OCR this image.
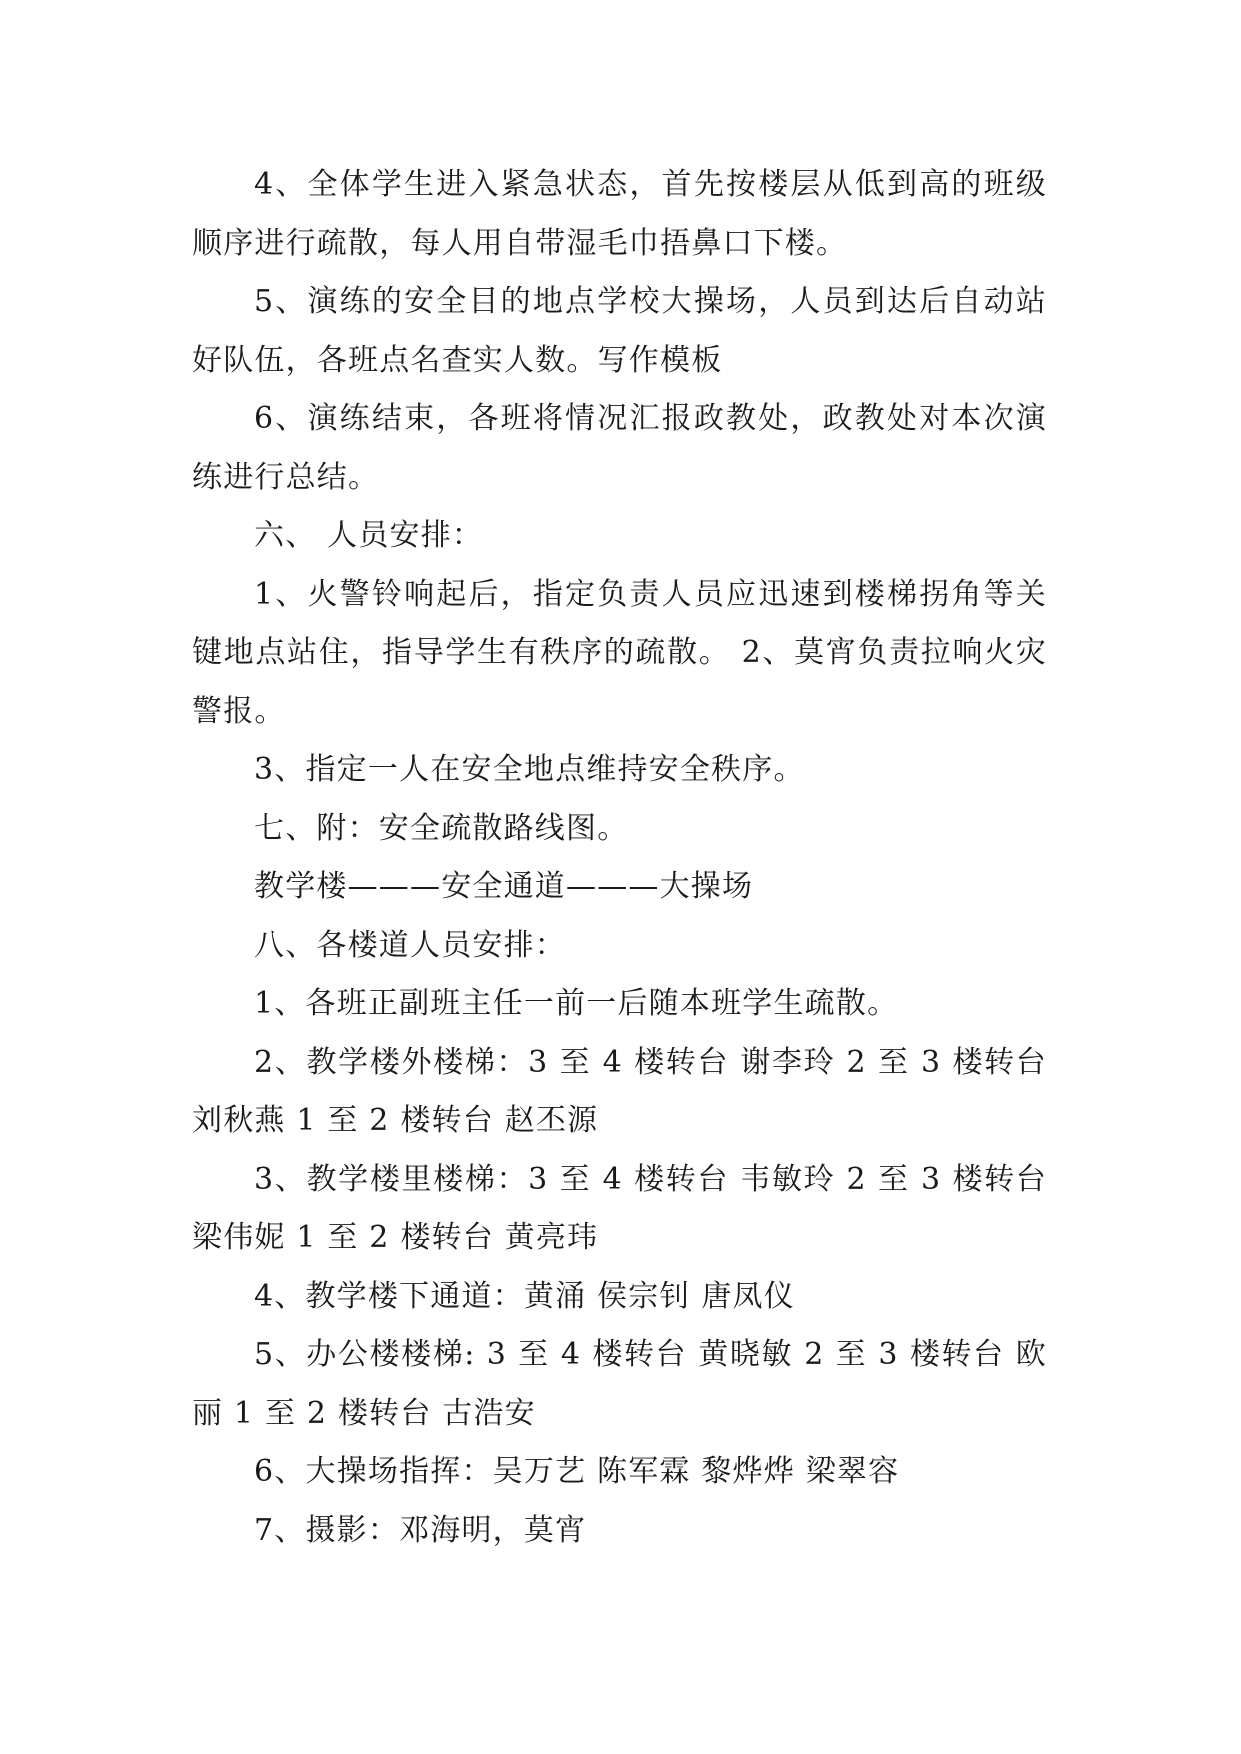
4、全体学生进入紧急状态，首先按楼层从低到高的班级顺序进行疏散，每人用自带湿毛巾捂鼻口下楼。

5、演练的安全目的地点学校大操场，人员到达后自动站好队伍，各班点名查实人数。写作模板

6、演练结束，各班将情况汇报政教处，政教处对本次演练进行总结。

六、 人员安排：

1、火警铃响起后，指定负责人员应迅速到楼梯拐角等关键地点站住，指导学生有秩序的疏散。 2、莫宵负责拉响火灾警报。

3、指定一人在安全地点维持安全秩序。

七、附：安全疏散路线图。

教学楼———安全通道———大操场

八、各楼道人员安排：

1、各班正副班主任一前一后随本班学生疏散。

2、教学楼外楼梯：3 至 4 楼转台 谢李玲 2 至 3 楼转台 刘秋燕 1 至 2 楼转台 赵丕源

3、教学楼里楼梯：3 至 4 楼转台 韦敏玲 2 至 3 楼转台 梁伟妮 1 至 2 楼转台 黄亮玮

4、教学楼下通道：黄涌 侯宗钊 唐凤仪

5、办公楼楼梯: 3 至 4 楼转台 黄晓敏 2 至 3 楼转台 欧丽 1 至 2 楼转台 古浩安

6、大操场指挥：吴万艺 陈军霖 黎烨烨 梁翠容

7、摄影：邓海明，莫宵
